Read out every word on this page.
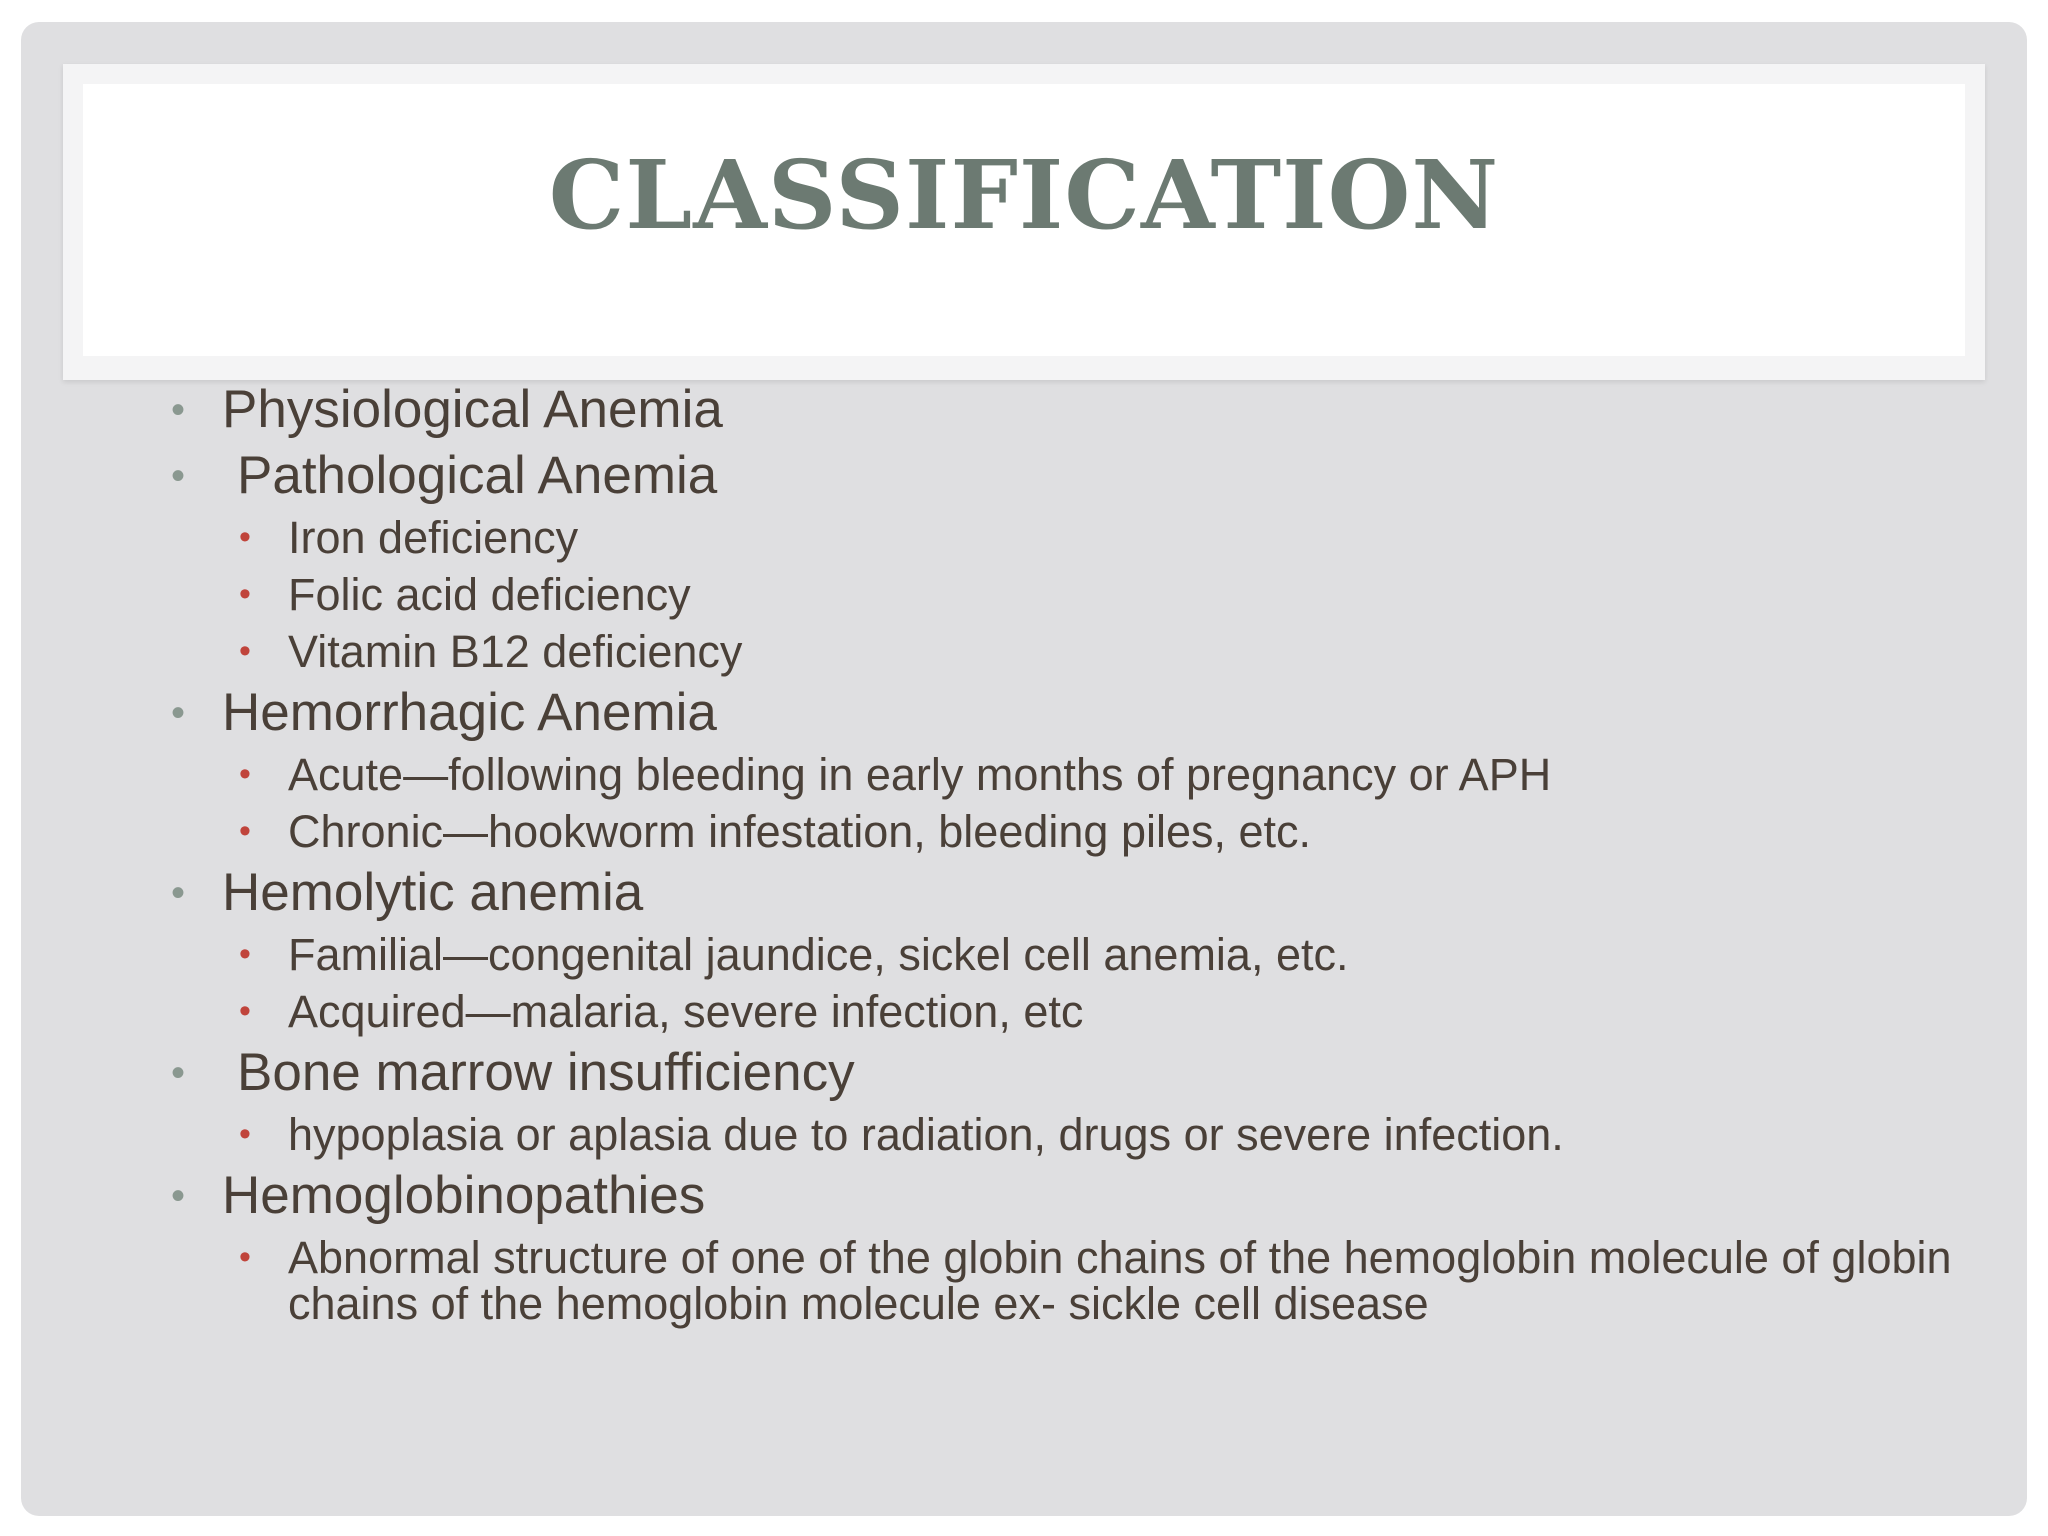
CLASSIFICATION
• Physiological Anemia
• Pathological Anemia
• Iron deficiency
• Folic acid deficiency
• Vitamin B12 deficiency
• Hemorrhagic Anemia
• Acute—following bleeding in early months of pregnancy or APH
• Chronic—hookworm infestation, bleeding piles, etc.
• Hemolytic anemia
• Familial—congenital jaundice, sickel cell anemia, etc.
• Acquired—malaria, severe infection, etc
• Bone marrow insufficiency
• hypoplasia or aplasia due to radiation, drugs or severe infection.
• Hemoglobinopathies
• Abnormal structure of one of the globin chains of the hemoglobin molecule of globin chains of the hemoglobin molecule ex- sickle cell disease
